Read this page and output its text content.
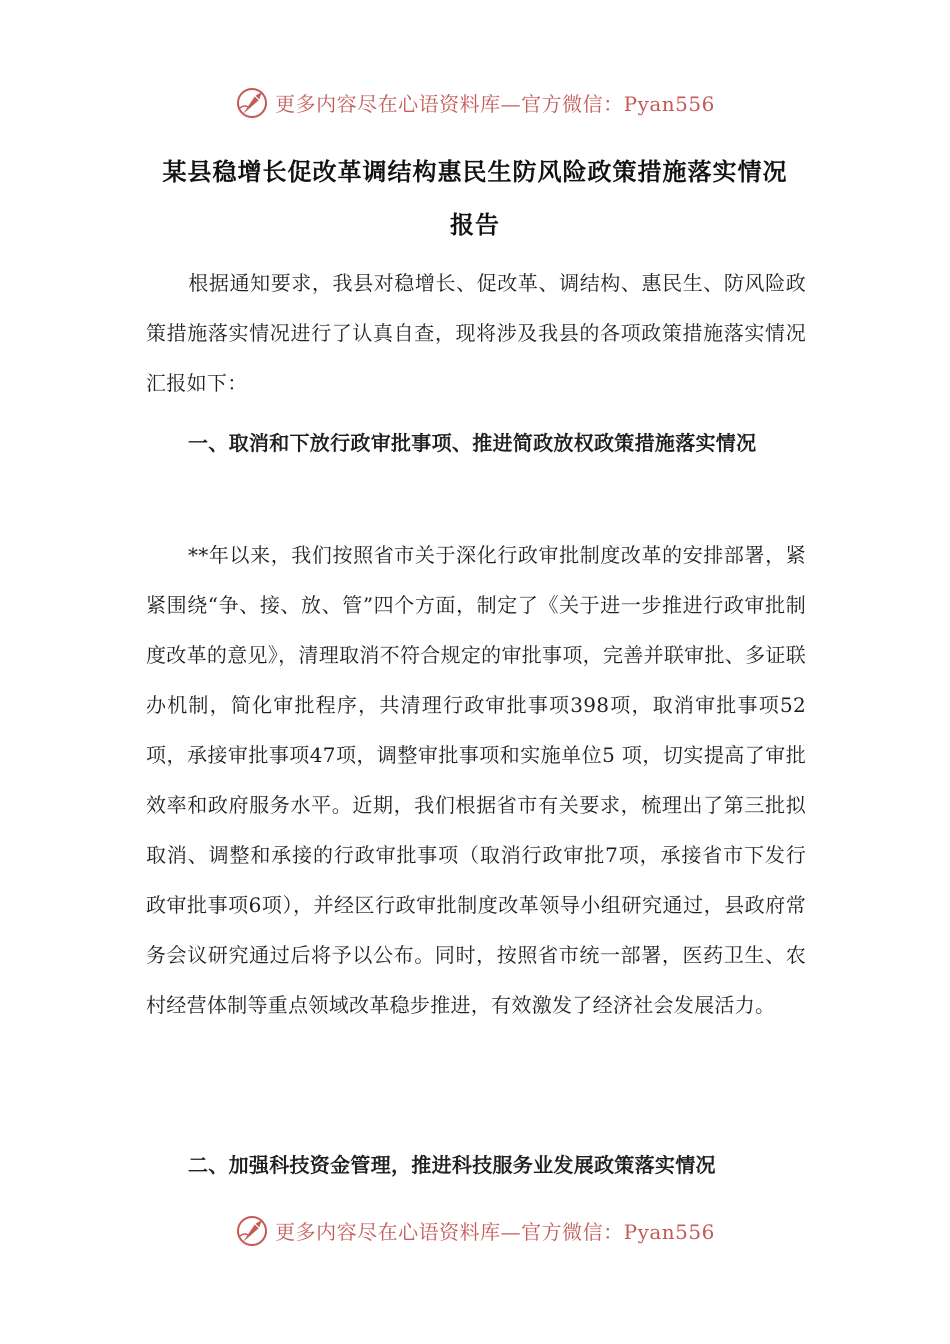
更多内容尽在心语资料库—官方微信：Pyan556
某县稳增长促改革调结构惠民生防风险政策措施落实情况
报告
根据通知要求，我县对稳增长、促改革、调结构、惠民生、防风险政策措施落实情况进行了认真自查，现将涉及我县的各项政策措施落实情况汇报如下：
一、取消和下放行政审批事项、推进简政放权政策措施落实情况
**年以来，我们按照省市关于深化行政审批制度改革的安排部署，紧紧围绕“争、接、放、管”四个方面，制定了《关于进一步推进行政审批制度改革的意见》，清理取消不符合规定的审批事项，完善并联审批、多证联办机制，简化审批程序，共清理行政审批事项398项，取消审批事项52项，承接审批事项47项，调整审批事项和实施单位5 项，切实提高了审批效率和政府服务水平。近期，我们根据省市有关要求，梳理出了第三批拟取消、调整和承接的行政审批事项（取消行政审批7项，承接省市下发行政审批事项6项），并经区行政审批制度改革领导小组研究通过，县政府常务会议研究通过后将予以公布。同时，按照省市统一部署，医药卫生、农村经营体制等重点领域改革稳步推进，有效激发了经济社会发展活力。
二、加强科技资金管理，推进科技服务业发展政策落实情况
更多内容尽在心语资料库—官方微信：Pyan556
